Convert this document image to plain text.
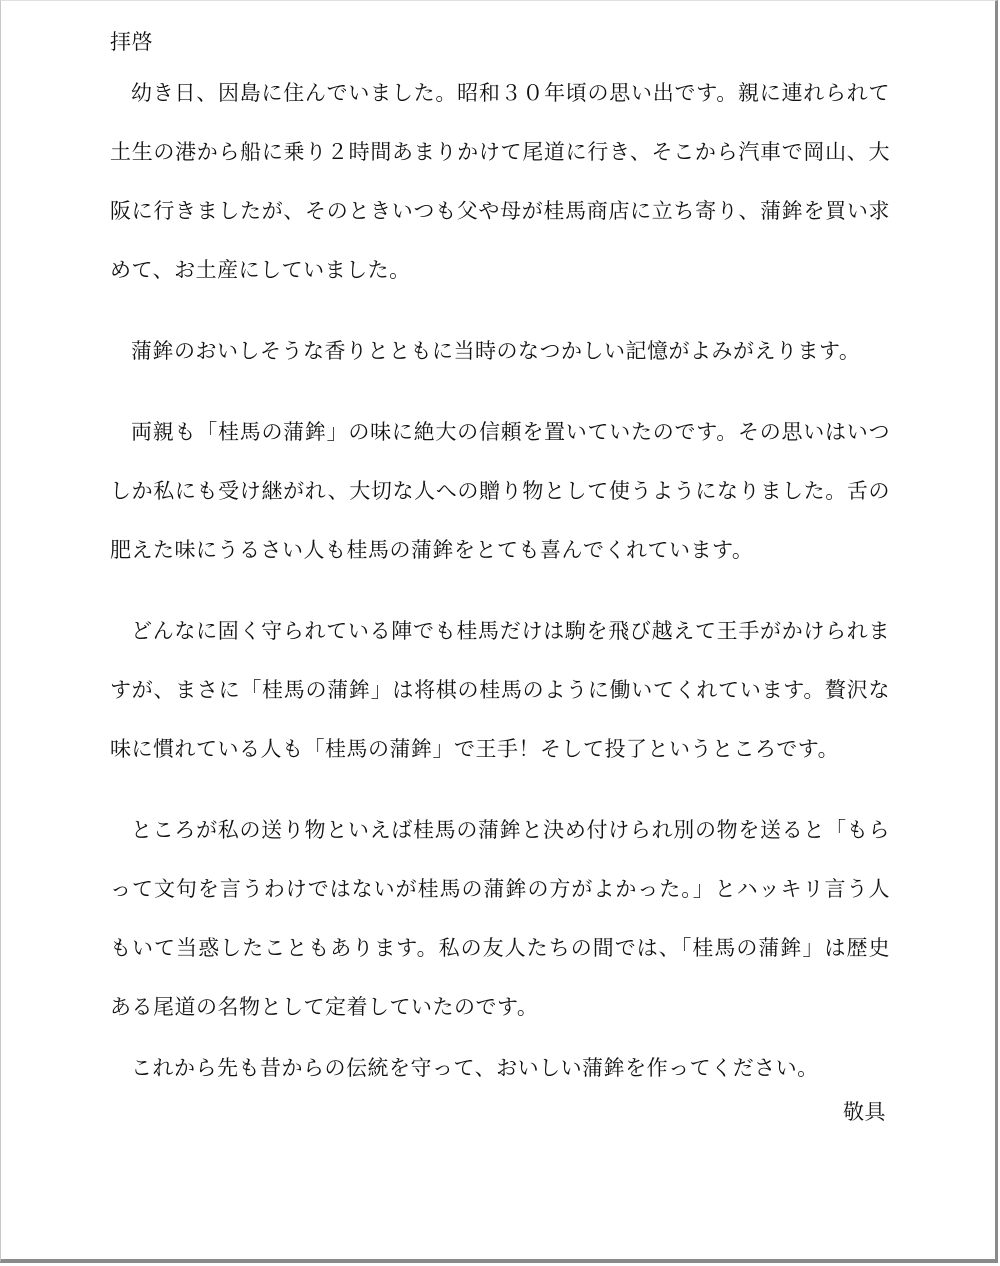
拝啓

幼き日、因島に住んでいました。昭和３０年頃の思い出です。親に連れられて土生の港から船に乗り２時間あまりかけて尾道に行き、そこから汽車で岡山、大阪に行きましたが、そのときいつも父や母が桂馬商店に立ち寄り、蒲鉾を買い求めて、お土産にしていました。

蒲鉾のおいしそうな香りとともに当時のなつかしい記憶がよみがえります。

両親も「桂馬の蒲鉾」の味に絶大の信頼を置いていたのです。その思いはいつしか私にも受け継がれ、大切な人への贈り物として使うようになりました。舌の肥えた味にうるさい人も桂馬の蒲鉾をとても喜んでくれています。

どんなに固く守られている陣でも桂馬だけは駒を飛び越えて王手がかけられますが、まさに「桂馬の蒲鉾」は将棋の桂馬のように働いてくれています。贅沢な味に慣れている人も「桂馬の蒲鉾」で王手！そして投了というところです。

ところが私の送り物といえば桂馬の蒲鉾と決め付けられ別の物を送ると「もらって文句を言うわけではないが桂馬の蒲鉾の方がよかった。」とハッキリ言う人もいて当惑したこともあります。私の友人たちの間では、「桂馬の蒲鉾」は歴史ある尾道の名物として定着していたのです。

これから先も昔からの伝統を守って、おいしい蒲鉾を作ってください。

敬具
